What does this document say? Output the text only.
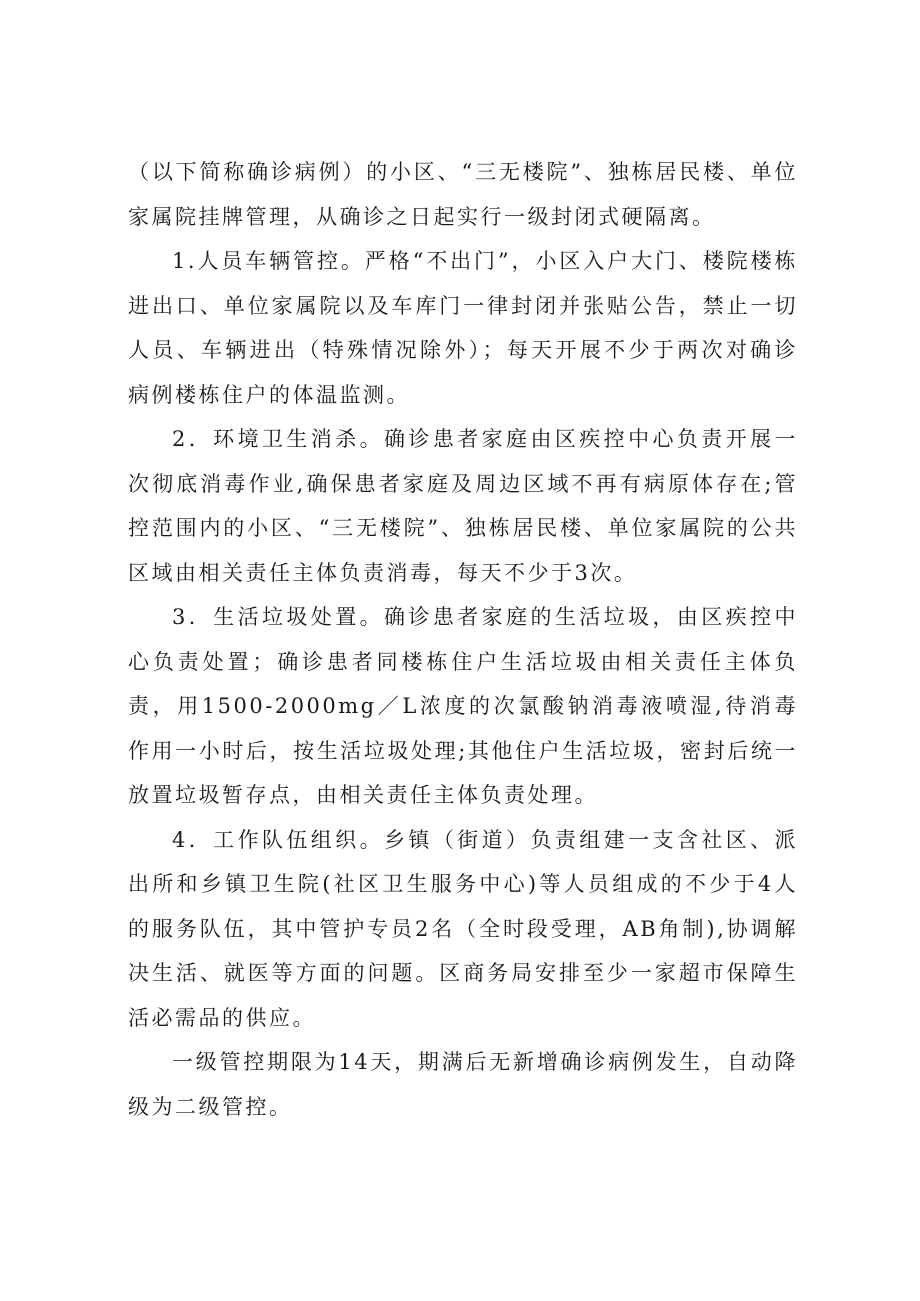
（以下简称确诊病例）的小区、“三无楼院”、独栋居民楼、单位家属院挂牌管理，从确诊之日起实行一级封闭式硬隔离。

1.人员车辆管控。严格“不出门”，小区入户大门、楼院楼栋进出口、单位家属院以及车库门一律封闭并张贴公告，禁止一切人员、车辆进出（特殊情况除外）；每天开展不少于两次对确诊病例楼栋住户的体温监测。

2．环境卫生消杀。确诊患者家庭由区疾控中心负责开展一次彻底消毒作业,确保患者家庭及周边区域不再有病原体存在;管控范围内的小区、“三无楼院”、独栋居民楼、单位家属院的公共区域由相关责任主体负责消毒，每天不少于3次。

3．生活垃圾处置。确诊患者家庭的生活垃圾，由区疾控中心负责处置；确诊患者同楼栋住户生活垃圾由相关责任主体负责，用1500-2000mg／L浓度的次氯酸钠消毒液喷湿,待消毒作用一小时后，按生活垃圾处理;其他住户生活垃圾，密封后统一放置垃圾暂存点，由相关责任主体负责处理。

4．工作队伍组织。乡镇（街道）负责组建一支含社区、派出所和乡镇卫生院(社区卫生服务中心)等人员组成的不少于4人的服务队伍，其中管护专员2名（全时段受理，AB角制),协调解决生活、就医等方面的问题。区商务局安排至少一家超市保障生活必需品的供应。

一级管控期限为14天，期满后无新增确诊病例发生，自动降级为二级管控。
